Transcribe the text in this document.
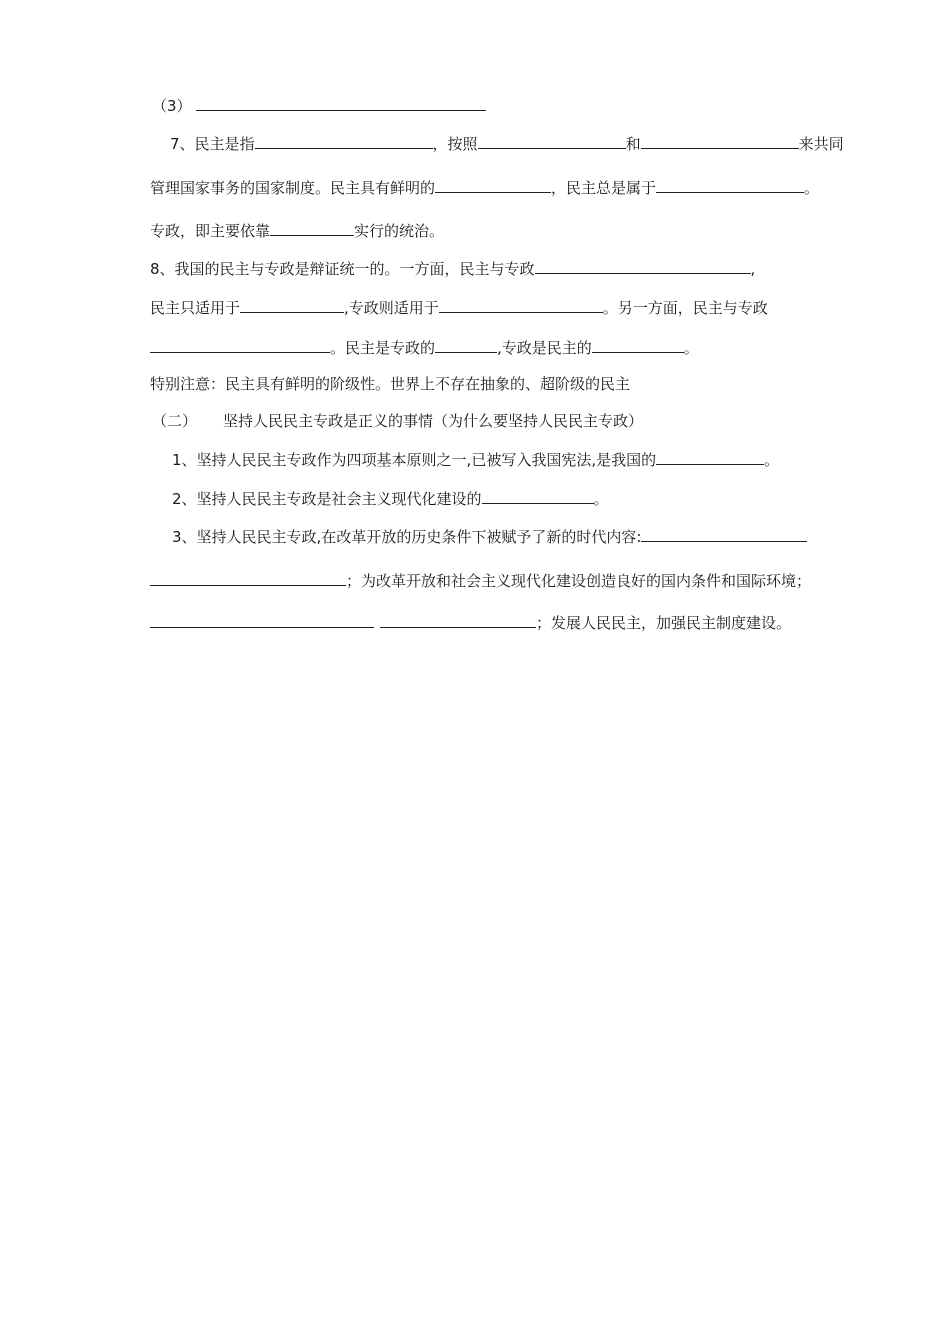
（3）
7、民主是指	，按照	和	来共同
管理国家事务的国家制度。民主具有鲜明的	，民主总是属于	。
专政，即主要依靠	实行的统治。
8、我国的民主与专政是辩证统一的。一方面，民主与专政	,
民主只适用于	,专政则适用于	。另一方面，民主与专政
。民主是专政的	,专政是民主的	。
特别注意：民主具有鲜明的阶级性。世界上不存在抽象的、超阶级的民主
（二） 坚持人民民主专政是正义的事情（为什么要坚持人民民主专政）
1、坚持人民民主专政作为四项基本原则之一,已被写入我国宪法,是我国的	。
2、坚持人民民主专政是社会主义现代化建设的	。
3、坚持人民民主专政,在改革开放的历史条件下被赋予了新的时代内容:
；为改革开放和社会主义现代化建设创造良好的国内条件和国际环境；
；发展人民民主，加强民主制度建设。
